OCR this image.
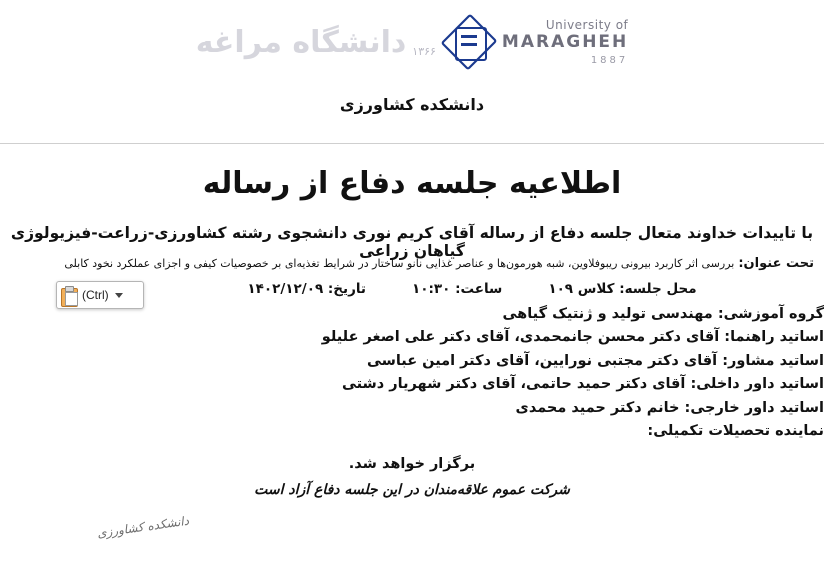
دانشگاه مراغه ۱۳۶۶
University of
MARAGHEH
1887
دانشکده کشاورزی
اطلاعیه جلسه دفاع از رساله
با تاییدات خداوند متعال جلسه دفاع از رساله آقای کریم نوری دانشجوی رشته کشاورزی-زراعت-فیزیولوژی گیاهان زراعی
تحت عنوان: بررسی اثر کاربرد بیرونی ریبوفلاوین، شبه هورمون‌ها و عناصر غذایی نانو ساختار در شرایط تغذیه‌ای بر خصوصیات کیفی و اجزای عملکرد نخود کابلی
محل جلسه: کلاس ۱۰۹
ساعت: ۱۰:۳۰
تاریخ: ۱۴۰۲/۱۲/۰۹
(Ctrl)
گروه آموزشی: مهندسی تولید و ژنتیک گیاهی
اساتید راهنما: آقای دکتر محسن جانمحمدی، آقای دکتر علی اصغر علیلو
اساتید مشاور: آقای دکتر مجتبی نورایین، آقای دکتر امین عباسی
اساتید داور داخلی: آقای دکتر حمید حاتمی، آقای دکتر شهریار دشتی
اساتید داور خارجی: خانم دکتر حمید محمدی
نماینده تحصیلات تکمیلی:
برگزار خواهد شد.
شرکت عموم علاقه‌مندان در این جلسه دفاع آزاد است
دانشکده کشاورزی
